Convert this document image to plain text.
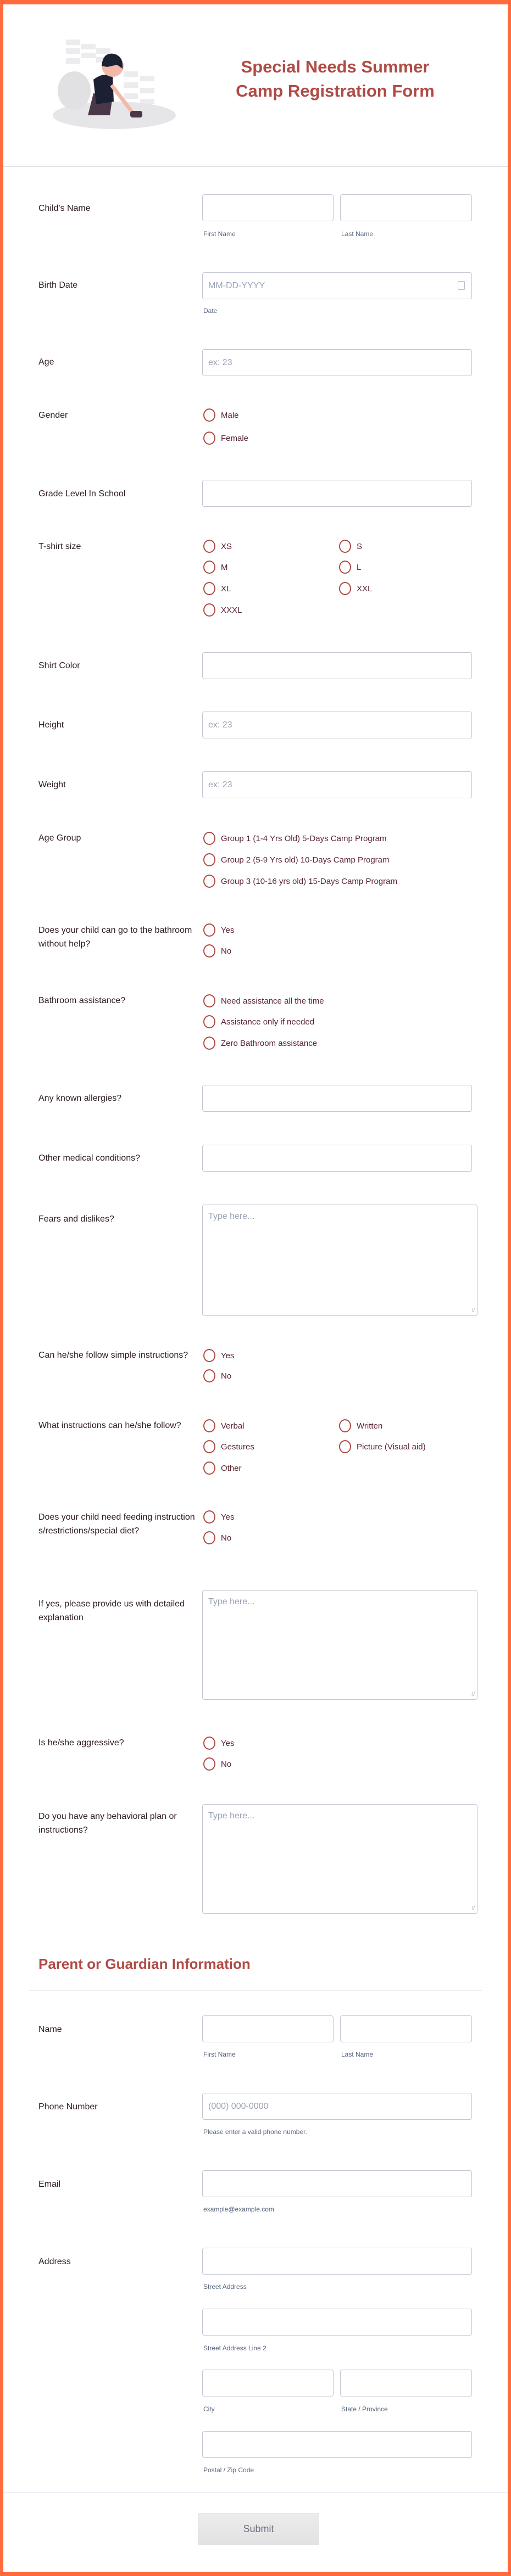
Special Needs Summer
Camp Registration Form
Child's Name
First Name	Last Name
Birth Date	MM-DD-YYYY
Date
Age	ex: 23
Gender	Male
Female
Grade Level In School
T-shirt size	XS	S
M	L
XL	XXL
XXXL
Shirt Color
Height	ex: 23
Weight	ex: 23
Age Group	Group 1 (1-4 Yrs Old) 5-Days Camp Program
Group 2 (5-9 Yrs old) 10-Days Camp Program
Group 3 (10-16 yrs old) 15-Days Camp Program
Does your child can go to the bathroom without help?
Yes
No
Bathroom assistance?	Need assistance all the time
Assistance only if needed
Zero Bathroom assistance
Any known allergies?
Other medical conditions?
Fears and dislikes?	Type here...
//
Can he/she follow simple instructions?	Yes
No
What instructions can he/she follow?	Verbal	Written
Gestures	Picture (Visual aid)
Other
Does your child need feeding instructions/restrictions/special diet?
Yes
No
If yes, please provide us with detailed explanation
Type here...
//
Is he/she aggressive?	Yes
No
Do you have any behavioral plan or instructions?
Type here...
//
Parent or Guardian Information
Name
First Name	Last Name
Phone Number	(000) 000-0000
Please enter a valid phone number.
Email
example@example.com
Address
Street Address
Street Address Line 2
City	State / Province
Postal / Zip Code
Submit
